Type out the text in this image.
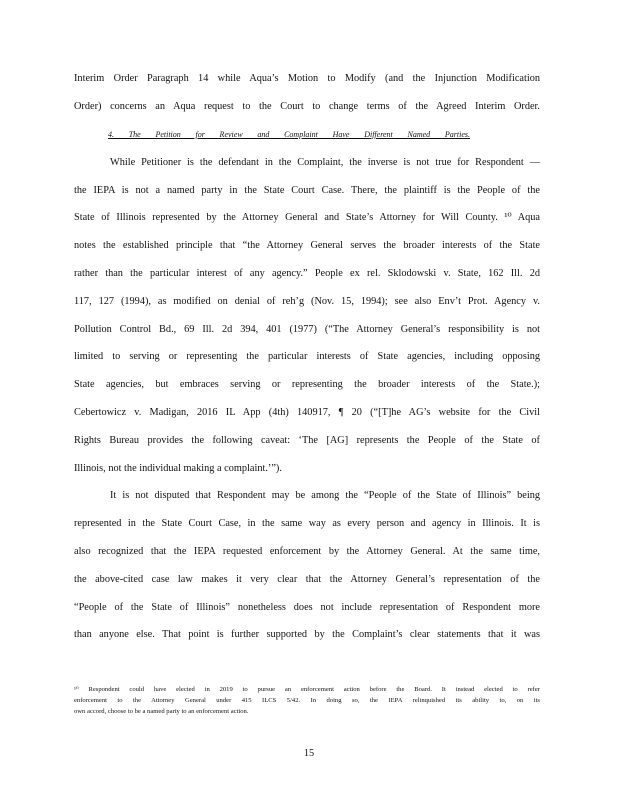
Interim Order Paragraph 14 while Aqua’s Motion to Modify (and the Injunction Modification
Order) concerns an Aqua request to the Court to change terms of the Agreed Interim Order.
4. The Petition for Review and Complaint Have Different Named Parties.
While Petitioner is the defendant in the Complaint, the inverse is not true for Respondent —
the IEPA is not a named party in the State Court Case. There, the plaintiff is the People of the
State of Illinois represented by the Attorney General and State’s Attorney for Will County. ¹⁰ Aqua
notes the established principle that “the Attorney General serves the broader interests of the State
rather than the particular interest of any agency.” People ex rel. Sklodowski v. State, 162 Ill. 2d
117, 127 (1994), as modified on denial of reh’g (Nov. 15, 1994); see also Env’t Prot. Agency v.
Pollution Control Bd., 69 Ill. 2d 394, 401 (1977) (“The Attorney General’s responsibility is not
limited to serving or representing the particular interests of State agencies, including opposing
State agencies, but embraces serving or representing the broader interests of the State.);
Cebertowicz v. Madigan, 2016 IL App (4th) 140917, ¶ 20 (“[T]he AG’s website for the Civil
Rights Bureau provides the following caveat: ‘The [AG] represents the People of the State of
Illinois, not the individual making a complaint.’”).
It is not disputed that Respondent may be among the “People of the State of Illinois” being
represented in the State Court Case, in the same way as every person and agency in Illinois. It is
also recognized that the IEPA requested enforcement by the Attorney General. At the same time,
the above-cited case law makes it very clear that the Attorney General’s representation of the
“People of the State of Illinois” nonetheless does not include representation of Respondent more
than anyone else. That point is further supported by the Complaint’s clear statements that it was
¹⁰ Respondent could have elected in 2019 to pursue an enforcement action before the Board. It instead elected to refer
enforcement to the Attorney General under 415 ILCS 5/42. In doing so, the IEPA relinquished its ability to, on its
own accord, choose to be a named party to an enforcement action.
15
